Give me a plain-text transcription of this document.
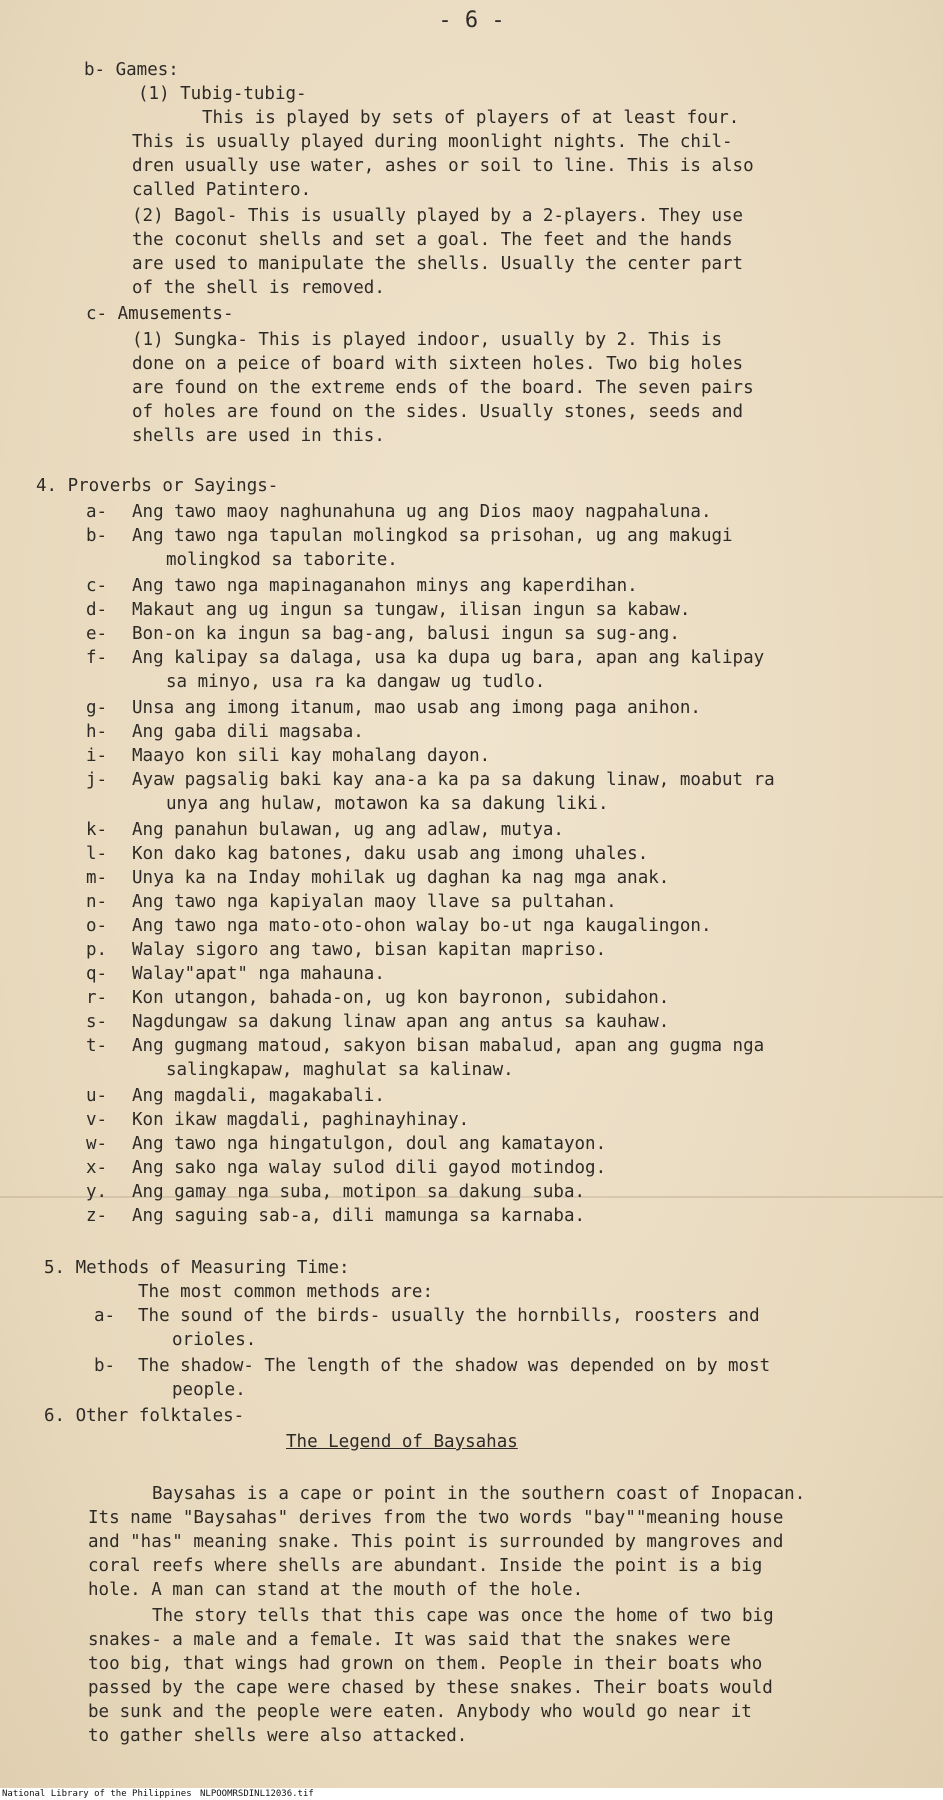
- 6 -
b- Games:
(1) Tubig-tubig-
This is played by sets of players of at least four.
This is usually played during moonlight nights. The chil-
dren usually use water, ashes or soil to line. This is also
called Patintero.
(2) Bagol- This is usually played by a 2-players. They use
the coconut shells and set a goal. The feet and the hands
are used to manipulate the shells. Usually the center part
of the shell is removed.
c- Amusements-
(1) Sungka- This is played indoor, usually by 2. This is
done on a peice of board with sixteen holes. Two big holes
are found on the extreme ends of the board. The seven pairs
of holes are found on the sides. Usually stones, seeds and
shells are used in this.
4. Proverbs or Sayings-
a- Ang tawo maoy naghunahuna ug ang Dios maoy nagpahaluna.
b- Ang tawo nga tapulan molingkod sa prisohan, ug ang makugi
molingkod sa taborite.
c- Ang tawo nga mapinaganahon minys ang kaperdihan.
d- Makaut ang ug ingun sa tungaw, ilisan ingun sa kabaw.
e- Bon-on ka ingun sa bag-ang, balusi ingun sa sug-ang.
f- Ang kalipay sa dalaga, usa ka dupa ug bara, apan ang kalipay
sa minyo, usa ra ka dangaw ug tudlo.
g- Unsa ang imong itanum, mao usab ang imong paga anihon.
h- Ang gaba dili magsaba.
i- Maayo kon sili kay mohalang dayon.
j- Ayaw pagsalig baki kay ana-a ka pa sa dakung linaw, moabut ra
unya ang hulaw, motawon ka sa dakung liki.
k- Ang panahun bulawan, ug ang adlaw, mutya.
l- Kon dako kag batones, daku usab ang imong uhales.
m- Unya ka na Inday mohilak ug daghan ka nag mga anak.
n- Ang tawo nga kapiyalan maoy llave sa pultahan.
o- Ang tawo nga mato-oto-ohon walay bo-ut nga kaugalingon.
p. Walay sigoro ang tawo, bisan kapitan mapriso.
q- Walay"apat" nga mahauna.
r- Kon utangon, bahada-on, ug kon bayronon, subidahon.
s- Nagdungaw sa dakung linaw apan ang antus sa kauhaw.
t- Ang gugmang matoud, sakyon bisan mabalud, apan ang gugma nga
salingkapaw, maghulat sa kalinaw.
u- Ang magdali, magakabali.
v- Kon ikaw magdali, paghinayhinay.
w- Ang tawo nga hingatulgon, doul ang kamatayon.
x- Ang sako nga walay sulod dili gayod motindog.
y. Ang gamay nga suba, motipon sa dakung suba.
z- Ang saguing sab-a, dili mamunga sa karnaba.
5. Methods of Measuring Time:
The most common methods are:
a- The sound of the birds- usually the hornbills, roosters and
orioles.
b- The shadow- The length of the shadow was depended on by most
people.
6. Other folktales-
The Legend of Baysahas
Baysahas is a cape or point in the southern coast of Inopacan.
Its name "Baysahas" derives from the two words "bay""meaning house
and "has" meaning snake. This point is surrounded by mangroves and
coral reefs where shells are abundant. Inside the point is a big
hole. A man can stand at the mouth of the hole.
The story tells that this cape was once the home of two big
snakes- a male and a female. It was said that the snakes were
too big, that wings had grown on them. People in their boats who
passed by the cape were chased by these snakes. Their boats would
be sunk and the people were eaten. Anybody who would go near it
to gather shells were also attacked.
National Library of the Philippines NLPOOMRSDINL12036.tif
